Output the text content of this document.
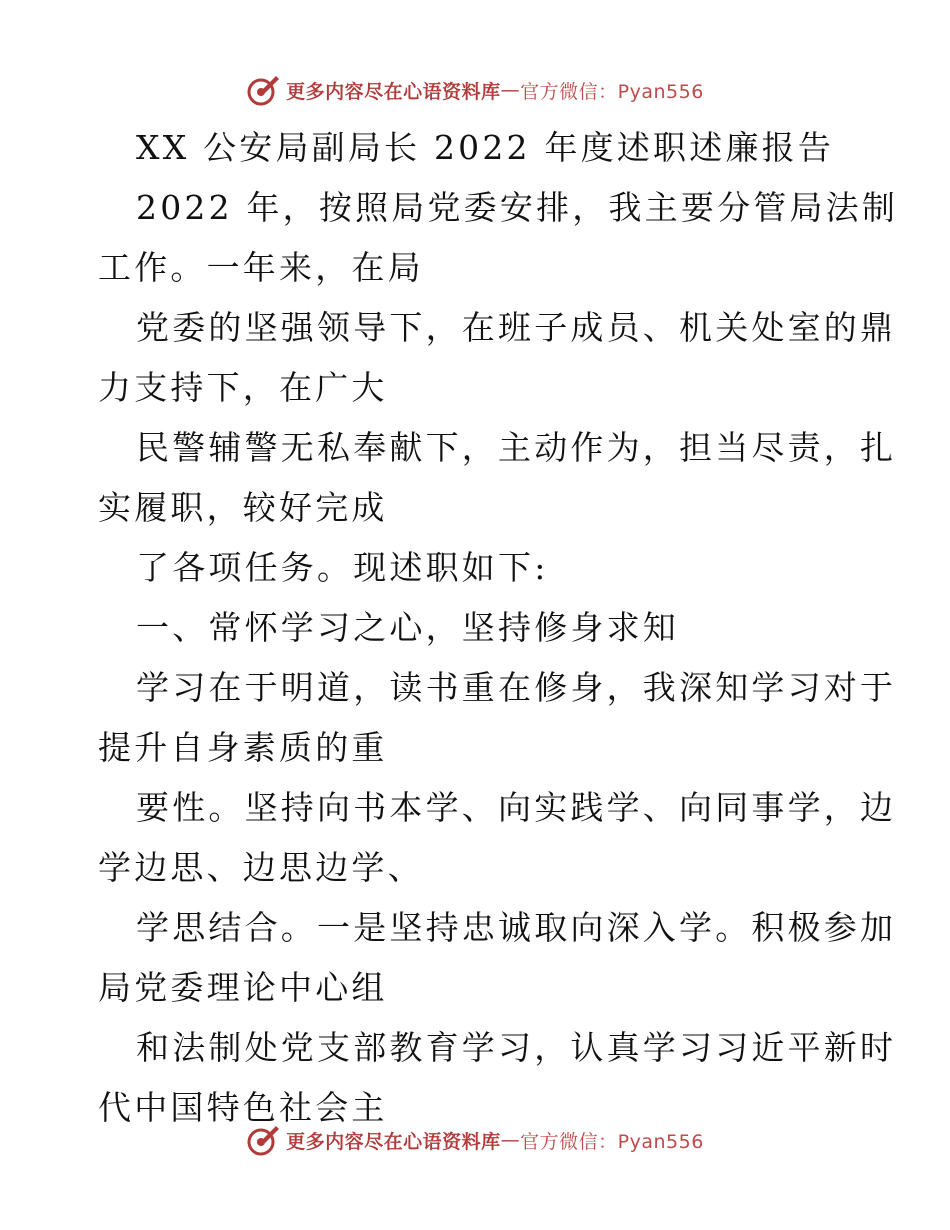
更多内容尽在心语资料库 — 官方微信：Pyan556
XX 公安局副局长 2022 年度述职述廉报告
2022 年，按照局党委安排，我主要分管局法制
工作。一年来，在局
党委的坚强领导下，在班子成员、机关处室的鼎
力支持下，在广大
民警辅警无私奉献下，主动作为，担当尽责，扎
实履职，较好完成
了各项任务。现述职如下:
一、常怀学习之心，坚持修身求知
学习在于明道，读书重在修身，我深知学习对于
提升自身素质的重
要性。坚持向书本学、向实践学、向同事学，边
学边思、边思边学、
学思结合。一是坚持忠诚取向深入学。积极参加
局党委理论中心组
和法制处党支部教育学习，认真学习习近平新时
代中国特色社会主
更多内容尽在心语资料库 — 官方微信：Pyan556
